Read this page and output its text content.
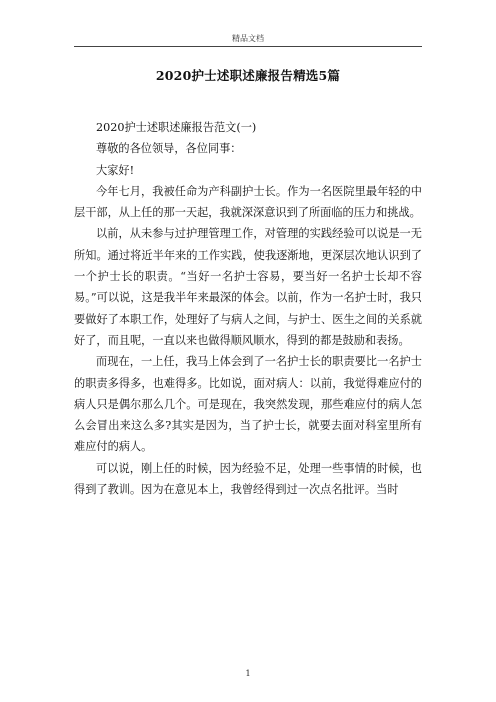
精品文档
2020护士述职述廉报告精选5篇

2020护士述职述廉报告范文(一)

尊敬的各位领导，各位同事：

大家好!

今年七月，我被任命为产科副护士长。作为一名医院里最年轻的中层干部，从上任的那一天起，我就深深意识到了所面临的压力和挑战。

以前，从未参与过护理管理工作，对管理的实践经验可以说是一无所知。通过将近半年来的工作实践，使我逐渐地，更深层次地认识到了一个护士长的职责。“当好一名护士容易，要当好一名护士长却不容易。”可以说，这是我半年来最深的体会。以前，作为一名护士时，我只要做好了本职工作，处理好了与病人之间，与护士、医生之间的关系就好了，而且呢，一直以来也做得顺风顺水，得到的都是鼓励和表扬。

而现在，一上任，我马上体会到了一名护士长的职责要比一名护士的职责多得多，也难得多。比如说，面对病人：以前，我觉得难应付的病人只是偶尔那么几个。可是现在，我突然发现，那些难应付的病人怎么会冒出来这么多?其实是因为，当了护士长，就要去面对科室里所有难应付的病人。

可以说，刚上任的时候，因为经验不足，处理一些事情的时候，也得到了教训。因为在意见本上，我曾经得到过一次点名批评。当时

1
